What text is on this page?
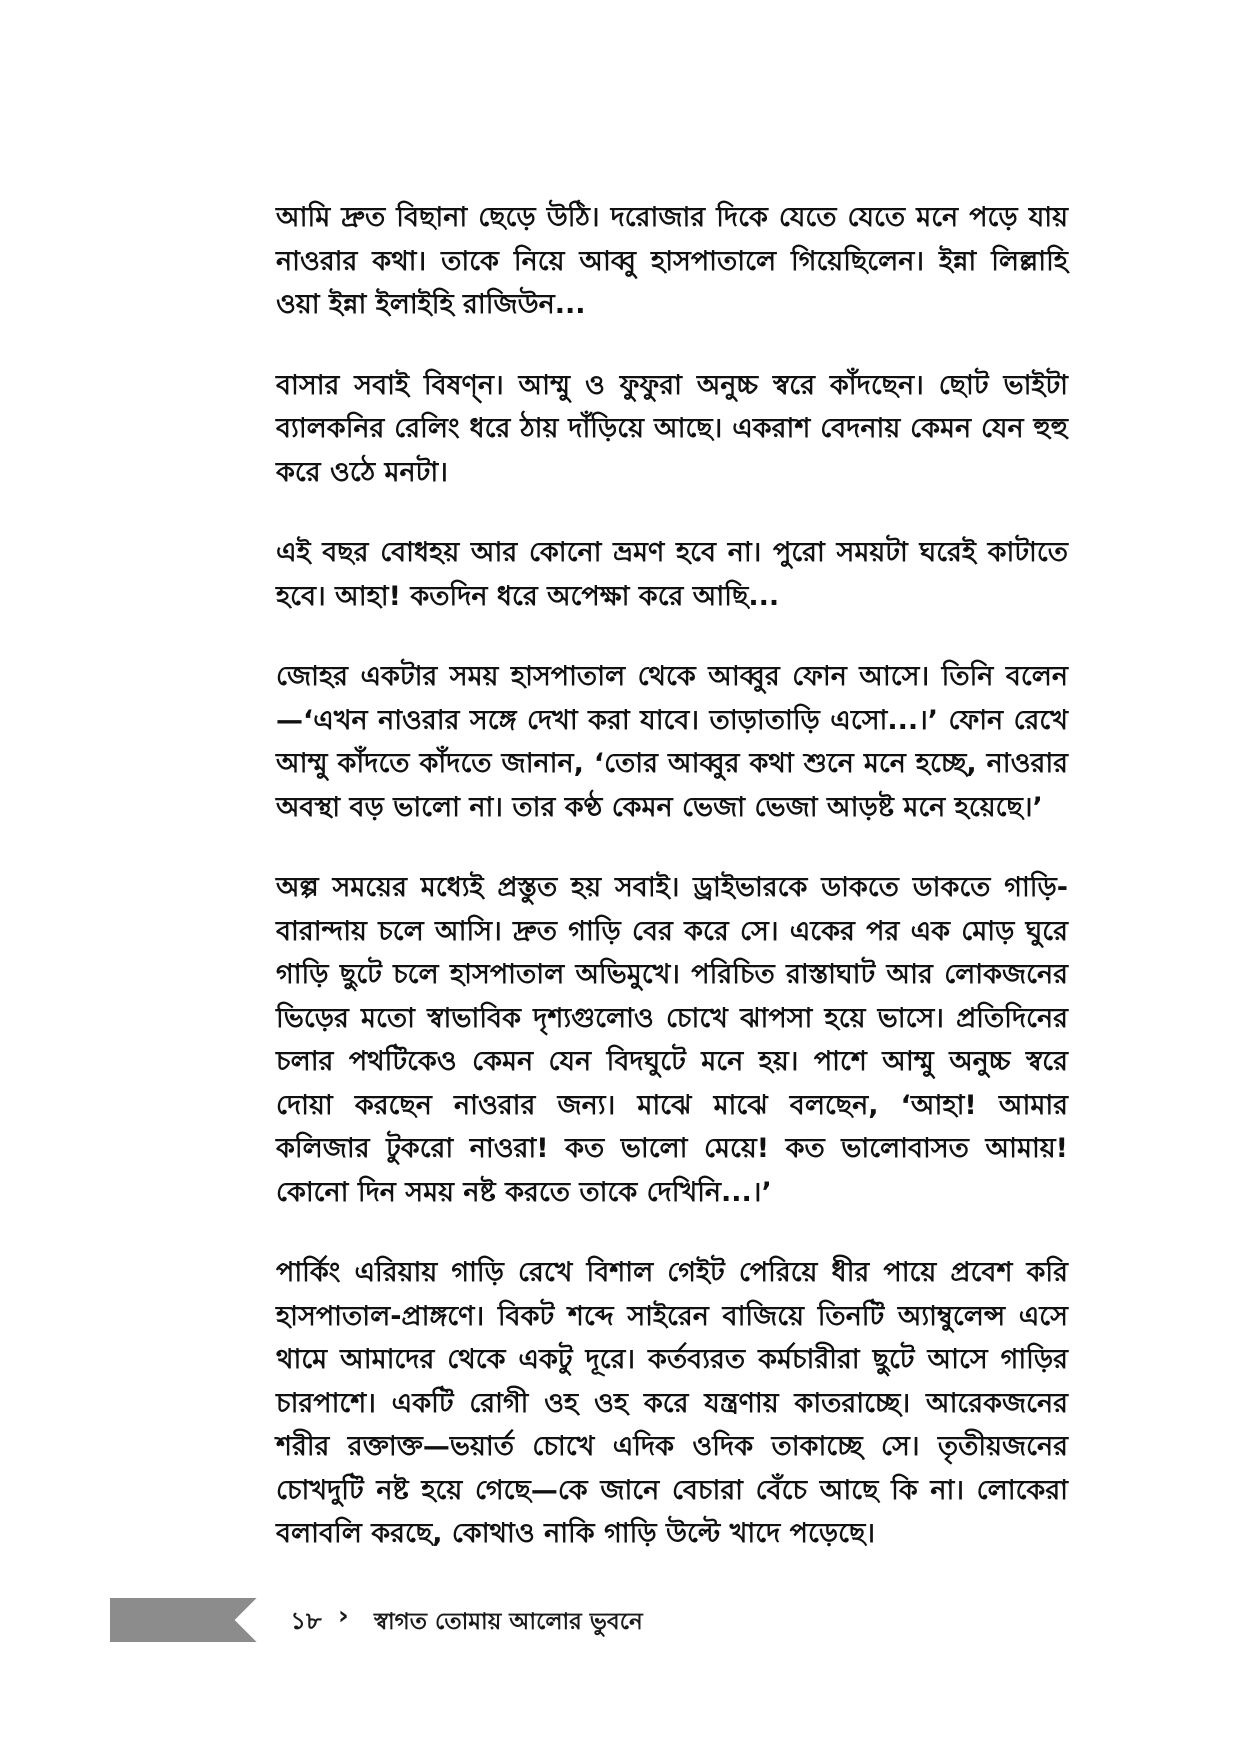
আমি দ্রুত বিছানা ছেড়ে উঠি। দরোজার দিকে যেতে যেতে মনে পড়ে যায় নাওরার কথা। তাকে নিয়ে আব্বু হাসপাতালে গিয়েছিলেন। ইন্না লিল্লাহি ওয়া ইন্না ইলাইহি রাজিউন...

বাসার সবাই বিষণ্ন। আম্মু ও ফুফুরা অনুচ্চ স্বরে কাঁদছেন। ছোট ভাইটা ব্যালকনির রেলিং ধরে ঠায় দাঁড়িয়ে আছে। একরাশ বেদনায় কেমন যেন হুহু করে ওঠে মনটা।

এই বছর বোধহয় আর কোনো ভ্রমণ হবে না। পুরো সময়টা ঘরেই কাটাতে হবে। আহা! কতদিন ধরে অপেক্ষা করে আছি...

জোহর একটার সময় হাসপাতাল থেকে আব্বুর ফোন আসে। তিনি বলেন—‘এখন নাওরার সঙ্গে দেখা করা যাবে। তাড়াতাড়ি এসো...।’ ফোন রেখে আম্মু কাঁদতে কাঁদতে জানান, ‘তোর আব্বুর কথা শুনে মনে হচ্ছে, নাওরার অবস্থা বড় ভালো না। তার কণ্ঠ কেমন ভেজা ভেজা আড়ষ্ট মনে হয়েছে।’

অল্প সময়ের মধ্যেই প্রস্তুত হয় সবাই। ড্রাইভারকে ডাকতে ডাকতে গাড়ি-বারান্দায় চলে আসি। দ্রুত গাড়ি বের করে সে। একের পর এক মোড় ঘুরে গাড়ি ছুটে চলে হাসপাতাল অভিমুখে। পরিচিত রাস্তাঘাট আর লোকজনের ভিড়ের মতো স্বাভাবিক দৃশ্যগুলোও চোখে ঝাপসা হয়ে ভাসে। প্রতিদিনের চলার পথটিকেও কেমন যেন বিদঘুটে মনে হয়। পাশে আম্মু অনুচ্চ স্বরে দোয়া করছেন নাওরার জন্য। মাঝে মাঝে বলছেন, ‘আহা! আমার কলিজার টুকরো নাওরা! কত ভালো মেয়ে! কত ভালোবাসত আমায়! কোনো দিন সময় নষ্ট করতে তাকে দেখিনি...।’

পার্কিং এরিয়ায় গাড়ি রেখে বিশাল গেইট পেরিয়ে ধীর পায়ে প্রবেশ করি হাসপাতাল-প্রাঙ্গণে। বিকট শব্দে সাইরেন বাজিয়ে তিনটি অ্যাম্বুলেন্স এসে থামে আমাদের থেকে একটু দূরে। কর্তব্যরত কর্মচারীরা ছুটে আসে গাড়ির চারপাশে। একটি রোগী ওহ ওহ করে যন্ত্রণায় কাতরাচ্ছে। আরেকজনের শরীর রক্তাক্ত—ভয়ার্ত চোখে এদিক ওদিক তাকাচ্ছে সে। তৃতীয়জনের চোখদুটি নষ্ট হয়ে গেছে—কে জানে বেচারা বেঁচে আছে কি না। লোকেরা বলাবলি করছে, কোথাও নাকি গাড়ি উল্টে খাদে পড়েছে।

১৮ › স্বাগত তোমায় আলোর ভুবনে
